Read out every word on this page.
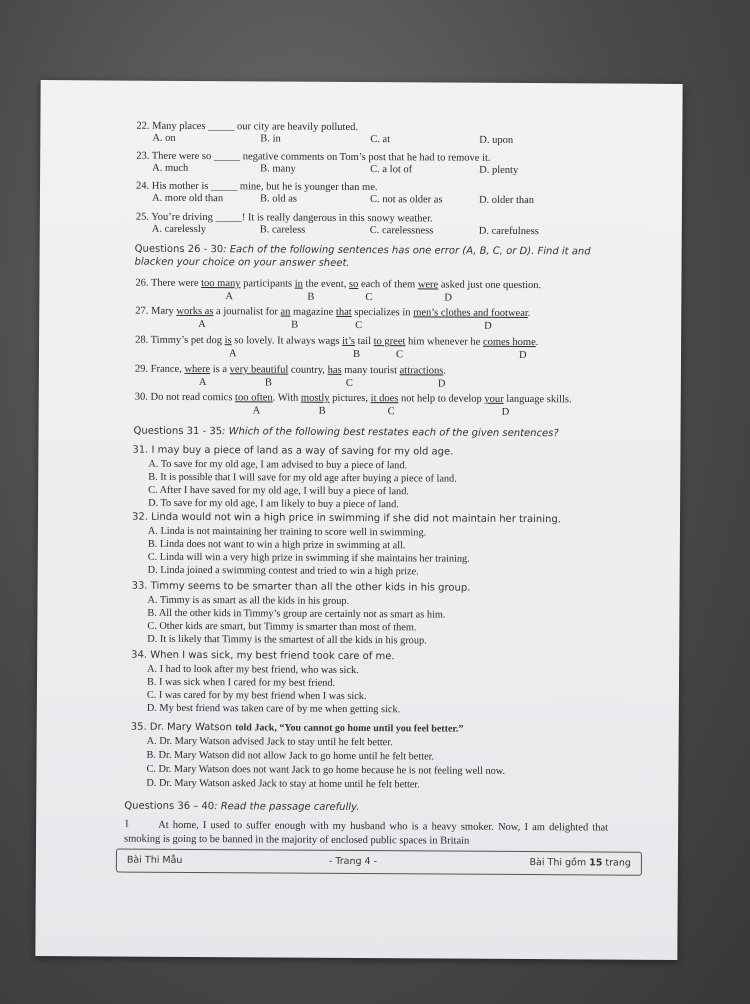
22. Many places _____ our city are heavily polluted.
A. on	B. in	C. at	D. upon
23. There were so _____ negative comments on Tom’s post that he had to remove it.
A. much	B. many	C. a lot of	D. plenty
24. His mother is _____ mine, but he is younger than me.
A. more old than	B. old as	C. not as older as	D. older than
25. You’re driving _____! It is really dangerous in this snowy weather.
A. carelessly	B. careless	C. carelessness	D. carefulness
Questions 26 - 30: Each of the following sentences has one error (A, B, C, or D). Find it and blacken your choice on your answer sheet.
26. There were too many participants in the event, so each of them were asked just one question.
A	B	C	D
27. Mary works as a journalist for an magazine that specializes in men’s clothes and footwear.
A	B	C	D
28. Timmy’s pet dog is so lovely. It always wags it’s tail to greet him whenever he comes home.
A	B	C	D
29. France, where is a very beautiful country, has many tourist attractions.
A	B	C	D
30. Do not read comics too often. With mostly pictures, it does not help to develop your language skills.
A	B	C	D
Questions 31 - 35: Which of the following best restates each of the given sentences?
31. I may buy a piece of land as a way of saving for my old age.
A. To save for my old age, I am advised to buy a piece of land.
B. It is possible that I will save for my old age after buying a piece of land.
C. After I have saved for my old age, I will buy a piece of land.
D. To save for my old age, I am likely to buy a piece of land.
32. Linda would not win a high price in swimming if she did not maintain her training.
A. Linda is not maintaining her training to score well in swimming.
B. Linda does not want to win a high prize in swimming at all.
C. Linda will win a very high prize in swimming if she maintains her training.
D. Linda joined a swimming contest and tried to win a high prize.
33. Timmy seems to be smarter than all the other kids in his group.
A. Timmy is as smart as all the kids in his group.
B. All the other kids in Timmy’s group are certainly not as smart as him.
C. Other kids are smart, but Timmy is smarter than most of them.
D. It is likely that Timmy is the smartest of all the kids in his group.
34. When I was sick, my best friend took care of me.
A. I had to look after my best friend, who was sick.
B. I was sick when I cared for my best friend.
C. I was cared for by my best friend when I was sick.
D. My best friend was taken care of by me when getting sick.
35. Dr. Mary Watson told Jack, “You cannot go home until you feel better.”
A. Dr. Mary Watson advised Jack to stay until he felt better.
B. Dr. Mary Watson did not allow Jack to go home until he felt better.
C. Dr. Mary Watson does not want Jack to go home because he is not feeling well now.
D. Dr. Mary Watson asked Jack to stay at home until he felt better.
Questions 36 – 40: Read the passage carefully.
1	At home, I used to suffer enough with my husband who is a heavy smoker. Now, I am delighted that smoking is going to be banned in the majority of enclosed public spaces in Britain
Bài Thi Mẫu	- Trang 4 -	Bài Thi gồm 15 trang
